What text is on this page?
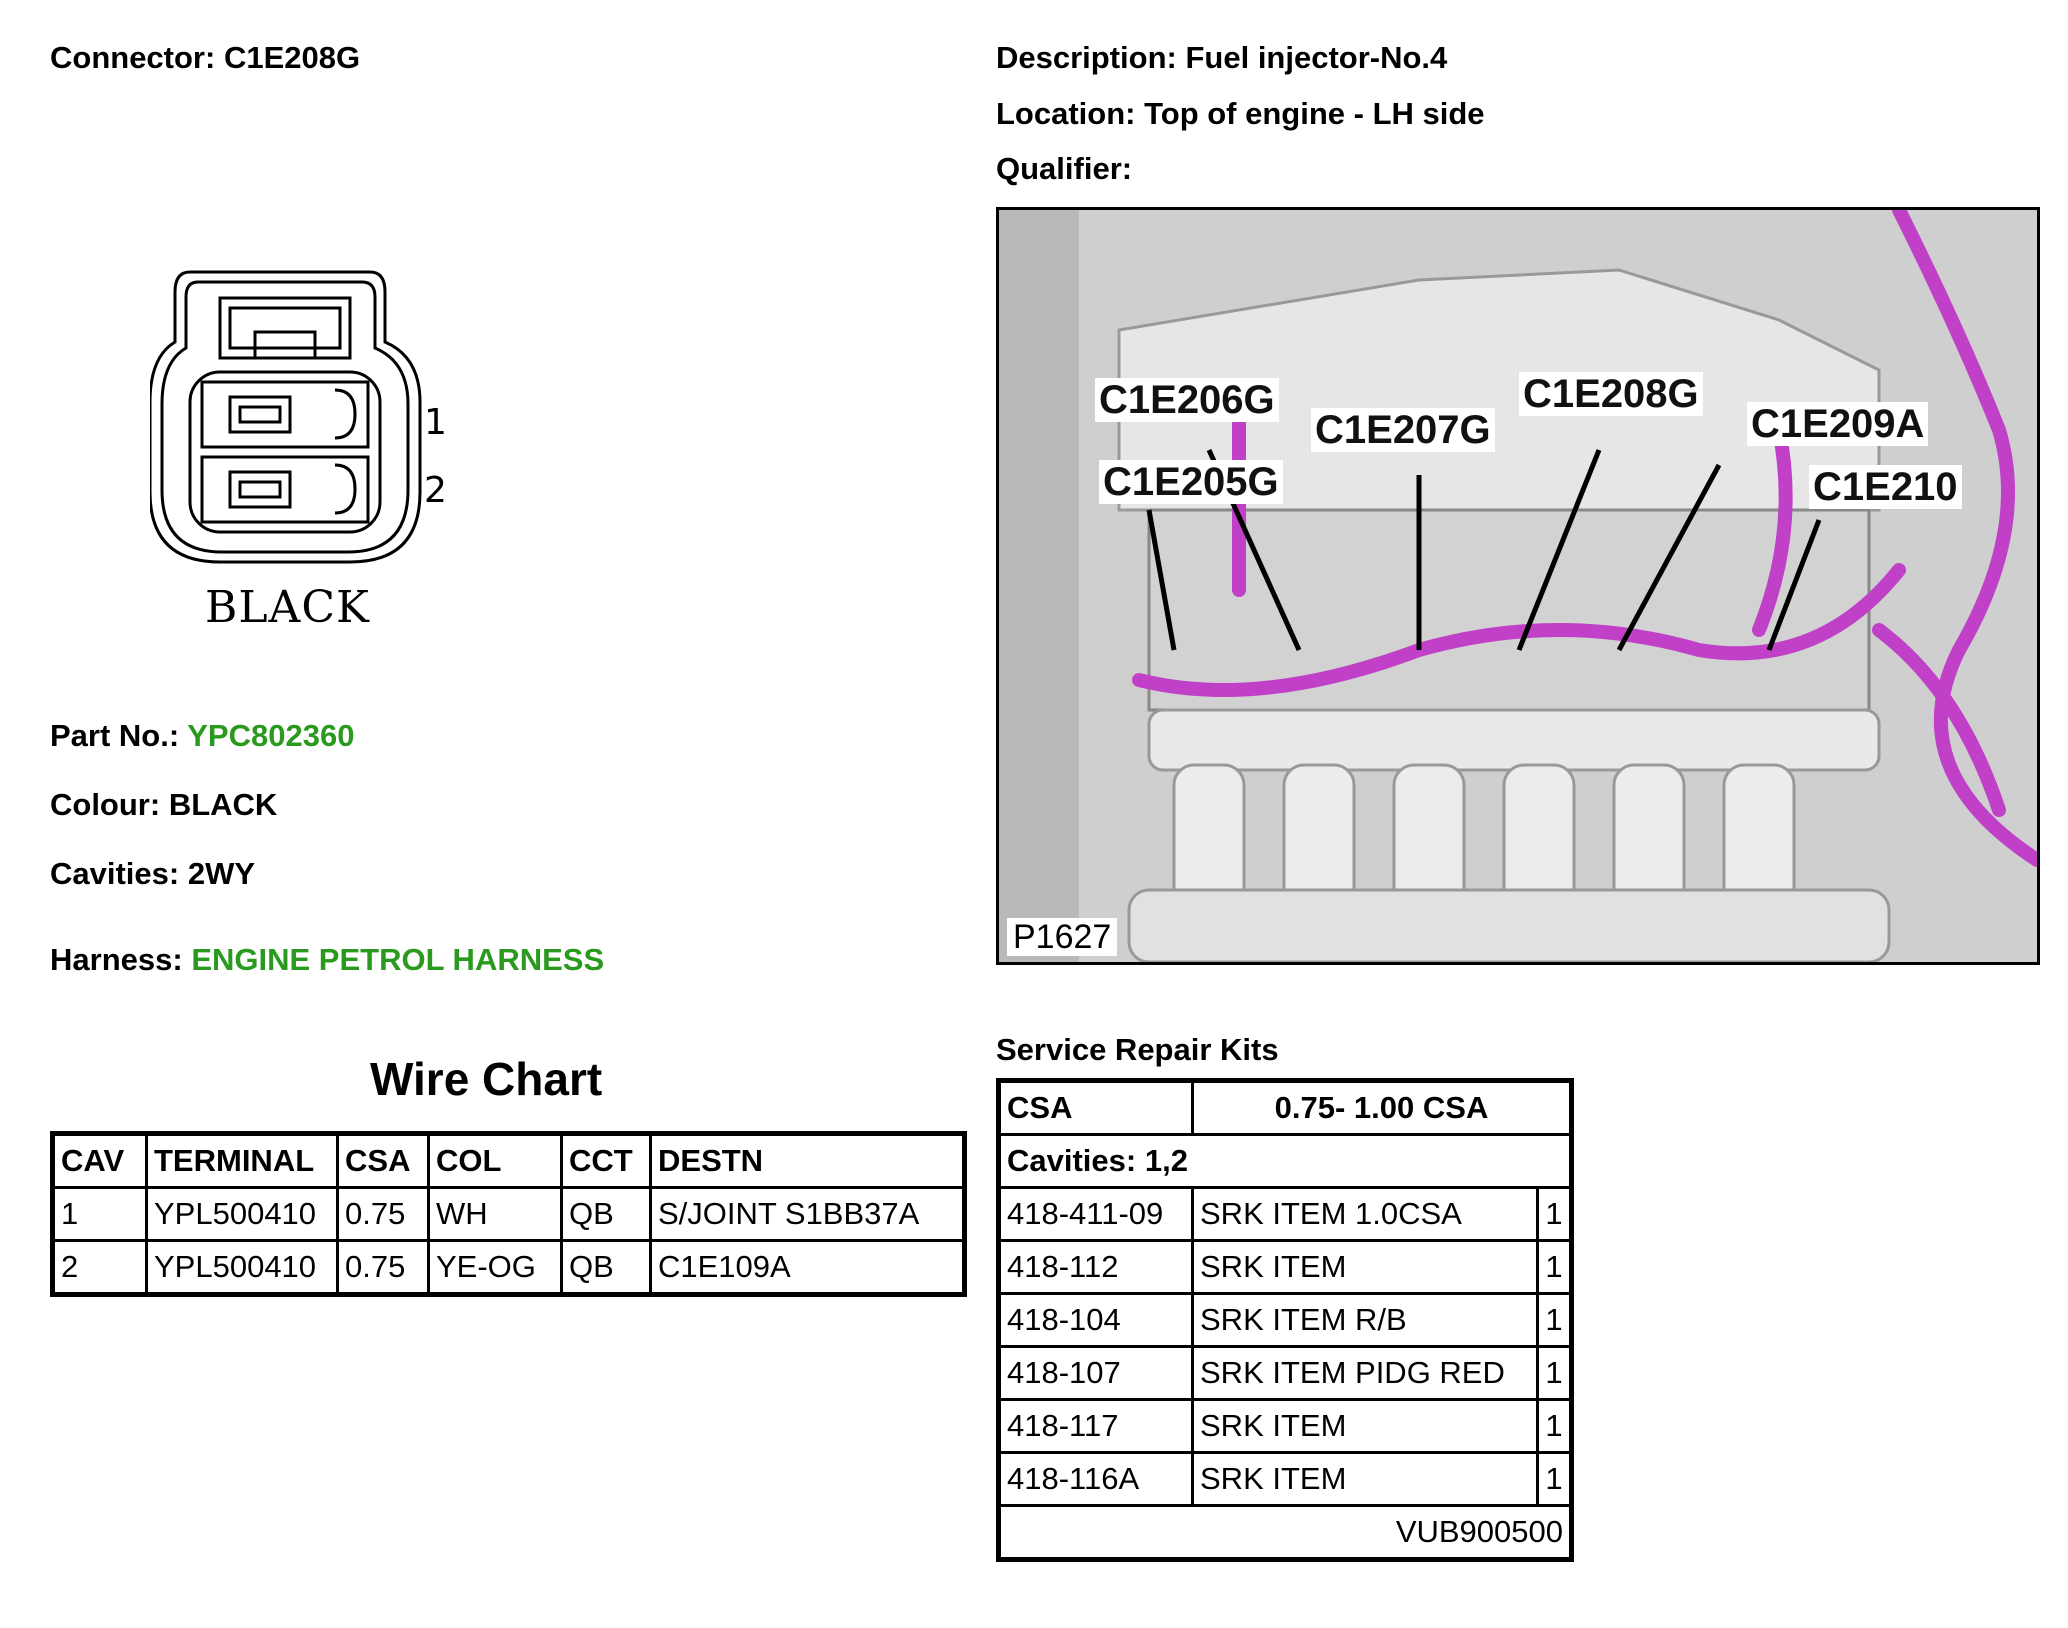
Connector: C1E208G	Description: Fuel injector-No.4
Location: Top of engine - LH side
Qualifier:
1
2
BLACK
Part No.: YPC802360
Colour: BLACK
Cavities: 2WY
Harness: ENGINE PETROL HARNESS
C1E205G
C1E206G
C1E207G
C1E208G
C1E209A
C1E210
P1627
Wire Chart
CAV	TERMINAL	CSA	COL	CCT	DESTN
1	YPL500410	0.75	WH	QB	S/JOINT S1BB37A
2	YPL500410	0.75	YE-OG	QB	C1E109A
Service Repair Kits
CSA	0.75- 1.00 CSA	
Cavities: 1,2		
418-411-09	SRK ITEM 1.0CSA	1
418-112	SRK ITEM	1
418-104	SRK ITEM R/B	1
418-107	SRK ITEM PIDG RED	1
418-117	SRK ITEM	1
418-116A	SRK ITEM	1
VUB900500		
